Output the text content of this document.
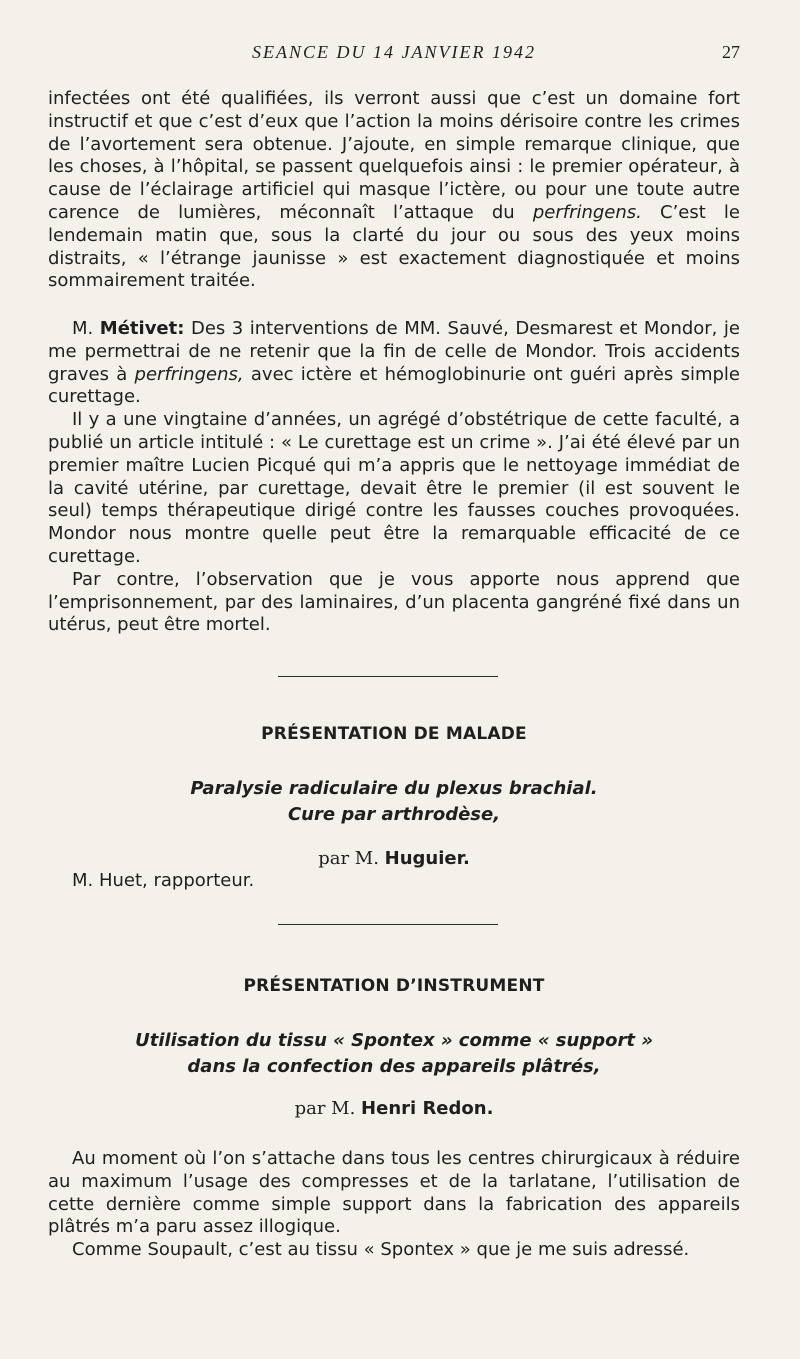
SEANCE DU 14 JANVIER 1942	27

infectées ont été qualifiées, ils verront aussi que c’est un domaine fort instructif et que c’est d’eux que l’action la moins dérisoire contre les crimes de l’avortement sera obtenue. J’ajoute, en simple remarque clinique, que les choses, à l’hôpital, se passent quelquefois ainsi : le premier opérateur, à cause de l’éclairage artificiel qui masque l’ictère, ou pour une toute autre carence de lumières, méconnaît l’attaque du perfringens. C’est le lendemain matin que, sous la clarté du jour ou sous des yeux moins distraits, « l’étrange jaunisse » est exactement diagnostiquée et moins sommairement traitée.

M. Métivet: Des 3 interventions de MM. Sauvé, Desmarest et Mondor, je me permettrai de ne retenir que la fin de celle de Mondor. Trois accidents graves à perfringens, avec ictère et hémoglobinurie ont guéri après simple curettage.

Il y a une vingtaine d’années, un agrégé d’obstétrique de cette faculté, a publié un article intitulé : « Le curettage est un crime ». J’ai été élevé par un premier maître Lucien Picqué qui m’a appris que le nettoyage immédiat de la cavité utérine, par curettage, devait être le premier (il est souvent le seul) temps thérapeutique dirigé contre les fausses couches provoquées. Mondor nous montre quelle peut être la remarquable efficacité de ce curettage.

Par contre, l’observation que je vous apporte nous apprend que l’emprisonnement, par des laminaires, d’un placenta gangréné fixé dans un utérus, peut être mortel.

PRÉSENTATION DE MALADE
Paralysie radiculaire du plexus brachial.
Cure par arthrodèse,
par M. Huguier.
M. Huet, rapporteur.
PRÉSENTATION D’INSTRUMENT
Utilisation du tissu « Spontex » comme « support »
dans la confection des appareils plâtrés,
par M. Henri Redon.

Au moment où l’on s’attache dans tous les centres chirurgicaux à réduire au maximum l’usage des compresses et de la tarlatane, l’utilisation de cette dernière comme simple support dans la fabrication des appareils plâtrés m’a paru assez illogique.

Comme Soupault, c’est au tissu « Spontex » que je me suis adressé.
